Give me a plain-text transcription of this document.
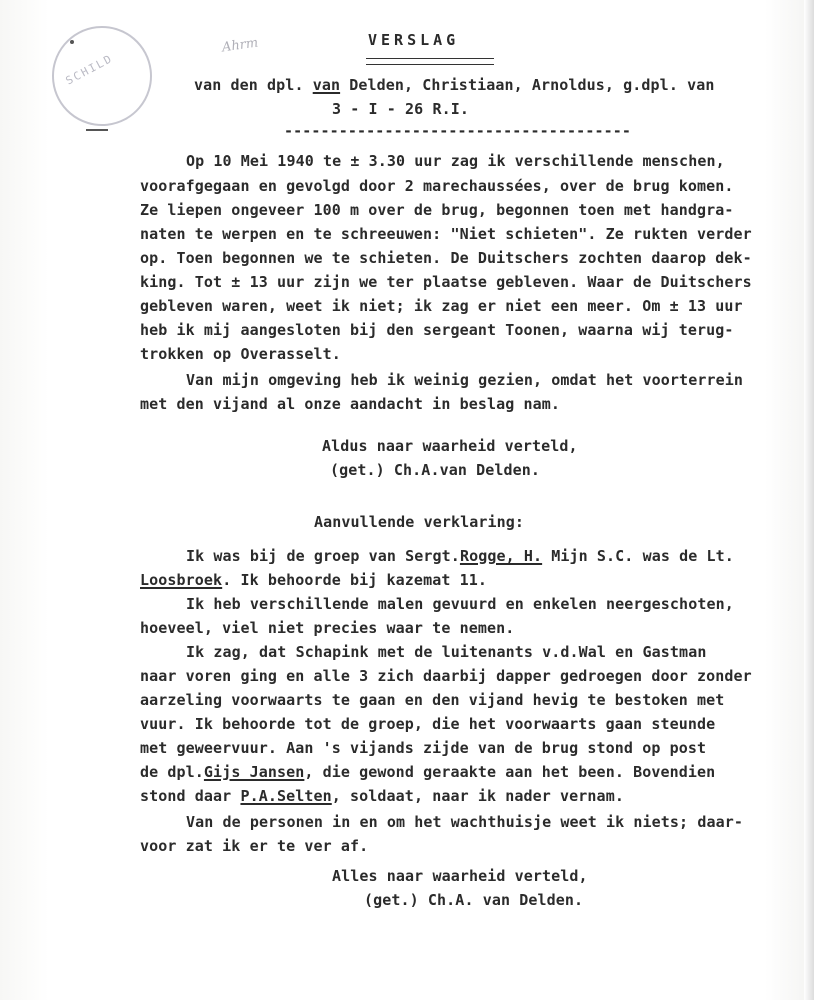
SCHILD
Ahrm	VERSLAG
van den dpl. van Delden, Christiaan, Arnoldus, g.dpl. van
3 - I - 26 R.I.
--------------------------------------
Op 10 Mei 1940 te ± 3.30 uur zag ik verschillende menschen,
voorafgegaan en gevolgd door 2 marechaussées, over de brug komen.
Ze liepen ongeveer 100 m over de brug, begonnen toen met handgra-
naten te werpen en te schreeuwen: "Niet schieten". Ze rukten verder
op. Toen begonnen we te schieten. De Duitschers zochten daarop dek-
king. Tot ± 13 uur zijn we ter plaatse gebleven. Waar de Duitschers
gebleven waren, weet ik niet; ik zag er niet een meer. Om ± 13 uur
heb ik mij aangesloten bij den sergeant Toonen, waarna wij terug-
trokken op Overasselt.
Van mijn omgeving heb ik weinig gezien, omdat het voorterrein
met den vijand al onze aandacht in beslag nam.
Aldus naar waarheid verteld,
(get.) Ch.A.van Delden.
Aanvullende verklaring:
Ik was bij de groep van Sergt.Rogge, H. Mijn S.C. was de Lt.
Loosbroek. Ik behoorde bij kazemat 11.
Ik heb verschillende malen gevuurd en enkelen neergeschoten,
hoeveel, viel niet precies waar te nemen.
Ik zag, dat Schapink met de luitenants v.d.Wal en Gastman
naar voren ging en alle 3 zich daarbij dapper gedroegen door zonder
aarzeling voorwaarts te gaan en den vijand hevig te bestoken met
vuur. Ik behoorde tot de groep, die het voorwaarts gaan steunde
met geweervuur. Aan 's vijands zijde van de brug stond op post
de dpl.Gijs Jansen, die gewond geraakte aan het been. Bovendien
stond daar P.A.Selten, soldaat, naar ik nader vernam.
Van de personen in en om het wachthuisje weet ik niets; daar-
voor zat ik er te ver af.
Alles naar waarheid verteld,
(get.) Ch.A. van Delden.
